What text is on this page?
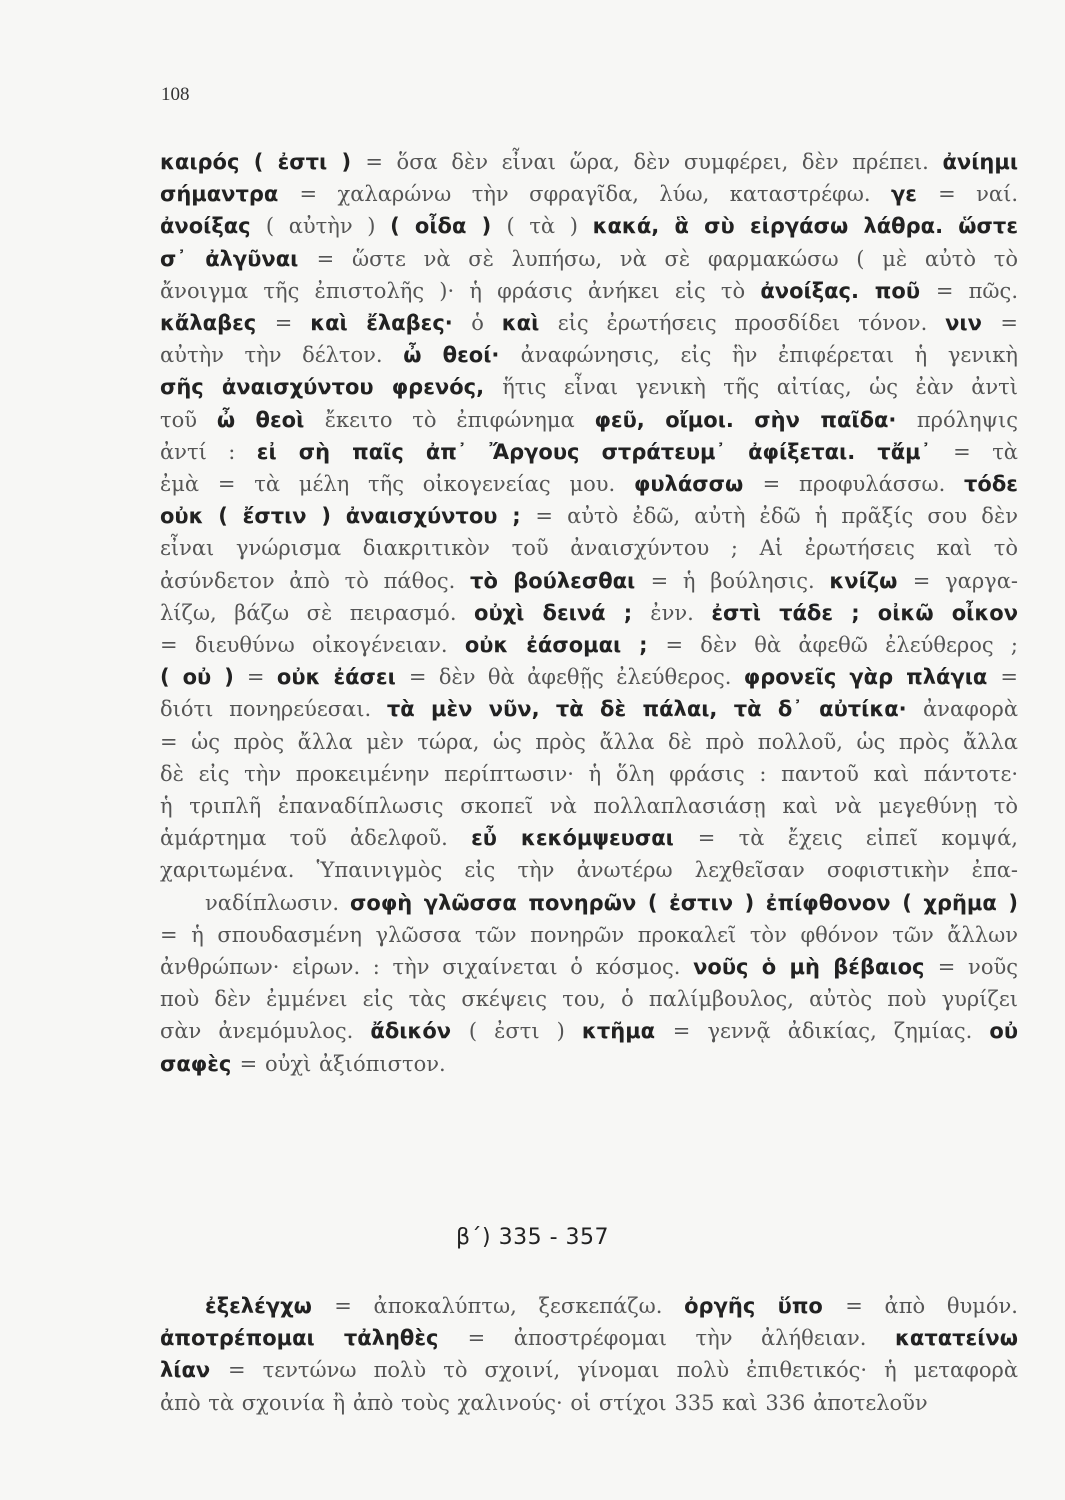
108

καιρός ( ἐστι ) = ὅσα δὲν εἶναι ὥρα, δὲν συμφέρει, δὲν πρέπει. ἀνίημι

σήμαντρα = χαλαρώνω τὴν σφραγῖδα, λύω, καταστρέφω. γε = ναί.

ἀνοίξας ( αὐτὴν ) ( οἶδα ) ( τὰ ) κακά, ἃ σὺ εἰργάσω λάθρα. ὥστε

σ᾽ ἀλγῦναι = ὥστε νὰ σὲ λυπήσω, νὰ σὲ φαρμακώσω ( μὲ αὐτὸ τὸ

ἄνοιγμα τῆς ἐπιστολῆς )· ἡ φράσις ἀνήκει εἰς τὸ ἀνοίξας. ποῦ = πῶς.

κἄλαβες = καὶ ἔλαβες· ὁ καὶ εἰς ἐρωτήσεις προσδίδει τόνον. νιν =

αὐτὴν τὴν δέλτον. ὦ θεοί· ἀναφώνησις, εἰς ἣν ἐπιφέρεται ἡ γενικὴ

σῆς ἀναισχύντου φρενός, ἥτις εἶναι γενικὴ τῆς αἰτίας, ὡς ἐὰν ἀντὶ

τοῦ ὦ θεοὶ ἔκειτο τὸ ἐπιφώνημα φεῦ, οἴμοι. σὴν παῖδα· πρόληψις

ἀντί : εἰ σὴ παῖς ἀπ᾽ Ἄργους στράτευμ᾽ ἀφίξεται. τἄμ᾽ = τὰ

ἐμὰ = τὰ μέλη τῆς οἰκογενείας μου. φυλάσσω = προφυλάσσω. τόδε

οὐκ ( ἔστιν ) ἀναισχύντου ; = αὐτὸ ἐδῶ, αὐτὴ ἐδῶ ἡ πρᾶξίς σου δὲν

εἶναι γνώρισμα διακριτικὸν τοῦ ἀναισχύντου ; Αἱ ἐρωτήσεις καὶ τὸ

ἀσύνδετον ἀπὸ τὸ πάθος. τὸ βούλεσθαι = ἡ βούλησις. κνίζω = γαργα-

λίζω, βάζω σὲ πειρασμό. οὐχὶ δεινά ; ἐνν. ἐστὶ τάδε ; οἰκῶ οἶκον

= διευθύνω οἰκογένειαν. οὐκ ἐάσομαι ; = δὲν θὰ ἀφεθῶ ἐλεύθερος ;

( οὐ ) = οὐκ ἐάσει = δὲν θὰ ἀφεθῇς ἐλεύθερος. φρονεῖς γὰρ πλάγια =

διότι πονηρεύεσαι. τὰ μὲν νῦν, τὰ δὲ πάλαι, τὰ δ᾽ αὐτίκα· ἀναφορὰ

= ὡς πρὸς ἄλλα μὲν τώρα, ὡς πρὸς ἄλλα δὲ πρὸ πολλοῦ, ὡς πρὸς ἄλλα

δὲ εἰς τὴν προκειμένην περίπτωσιν· ἡ ὅλη φράσις : παντοῦ καὶ πάντοτε·

ἡ τριπλῆ ἐπαναδίπλωσις σκοπεῖ νὰ πολλαπλασιάσῃ καὶ νὰ μεγεθύνῃ τὸ

ἁμάρτημα τοῦ ἀδελφοῦ. εὖ κεκόμψευσαι = τὰ ἔχεις εἰπεῖ κομψά,

χαριτωμένα. Ὑπαινιγμὸς εἰς τὴν ἀνωτέρω λεχθεῖσαν σοφιστικὴν ἐπα-

ναδίπλωσιν. σοφὴ γλῶσσα πονηρῶν ( ἐστιν ) ἐπίφθονον ( χρῆμα )

= ἡ σπουδασμένη γλῶσσα τῶν πονηρῶν προκαλεῖ τὸν φθόνον τῶν ἄλλων

ἀνθρώπων· εἰρων. : τὴν σιχαίνεται ὁ κόσμος. νοῦς ὁ μὴ βέβαιος = νοῦς

ποὺ δὲν ἐμμένει εἰς τὰς σκέψεις του, ὁ παλίμβουλος, αὐτὸς ποὺ γυρίζει

σὰν ἀνεμόμυλος. ἄδικόν ( ἐστι ) κτῆμα = γεννᾷ ἀδικίας, ζημίας. οὐ

σαφὲς = οὐχὶ ἀξιόπιστον.

β΄) 335 - 357

ἐξελέγχω = ἀποκαλύπτω, ξεσκεπάζω. ὀργῆς ὕπο = ἀπὸ θυμόν.

ἀποτρέπομαι τἀληθὲς = ἀποστρέφομαι τὴν ἀλήθειαν. κατατείνω

λίαν = τεντώνω πολὺ τὸ σχοινί, γίνομαι πολὺ ἐπιθετικός· ἡ μεταφορὰ

ἀπὸ τὰ σχοινία ἢ ἀπὸ τοὺς χαλινούς· οἱ στίχοι 335 καὶ 336 ἀποτελοῦν
